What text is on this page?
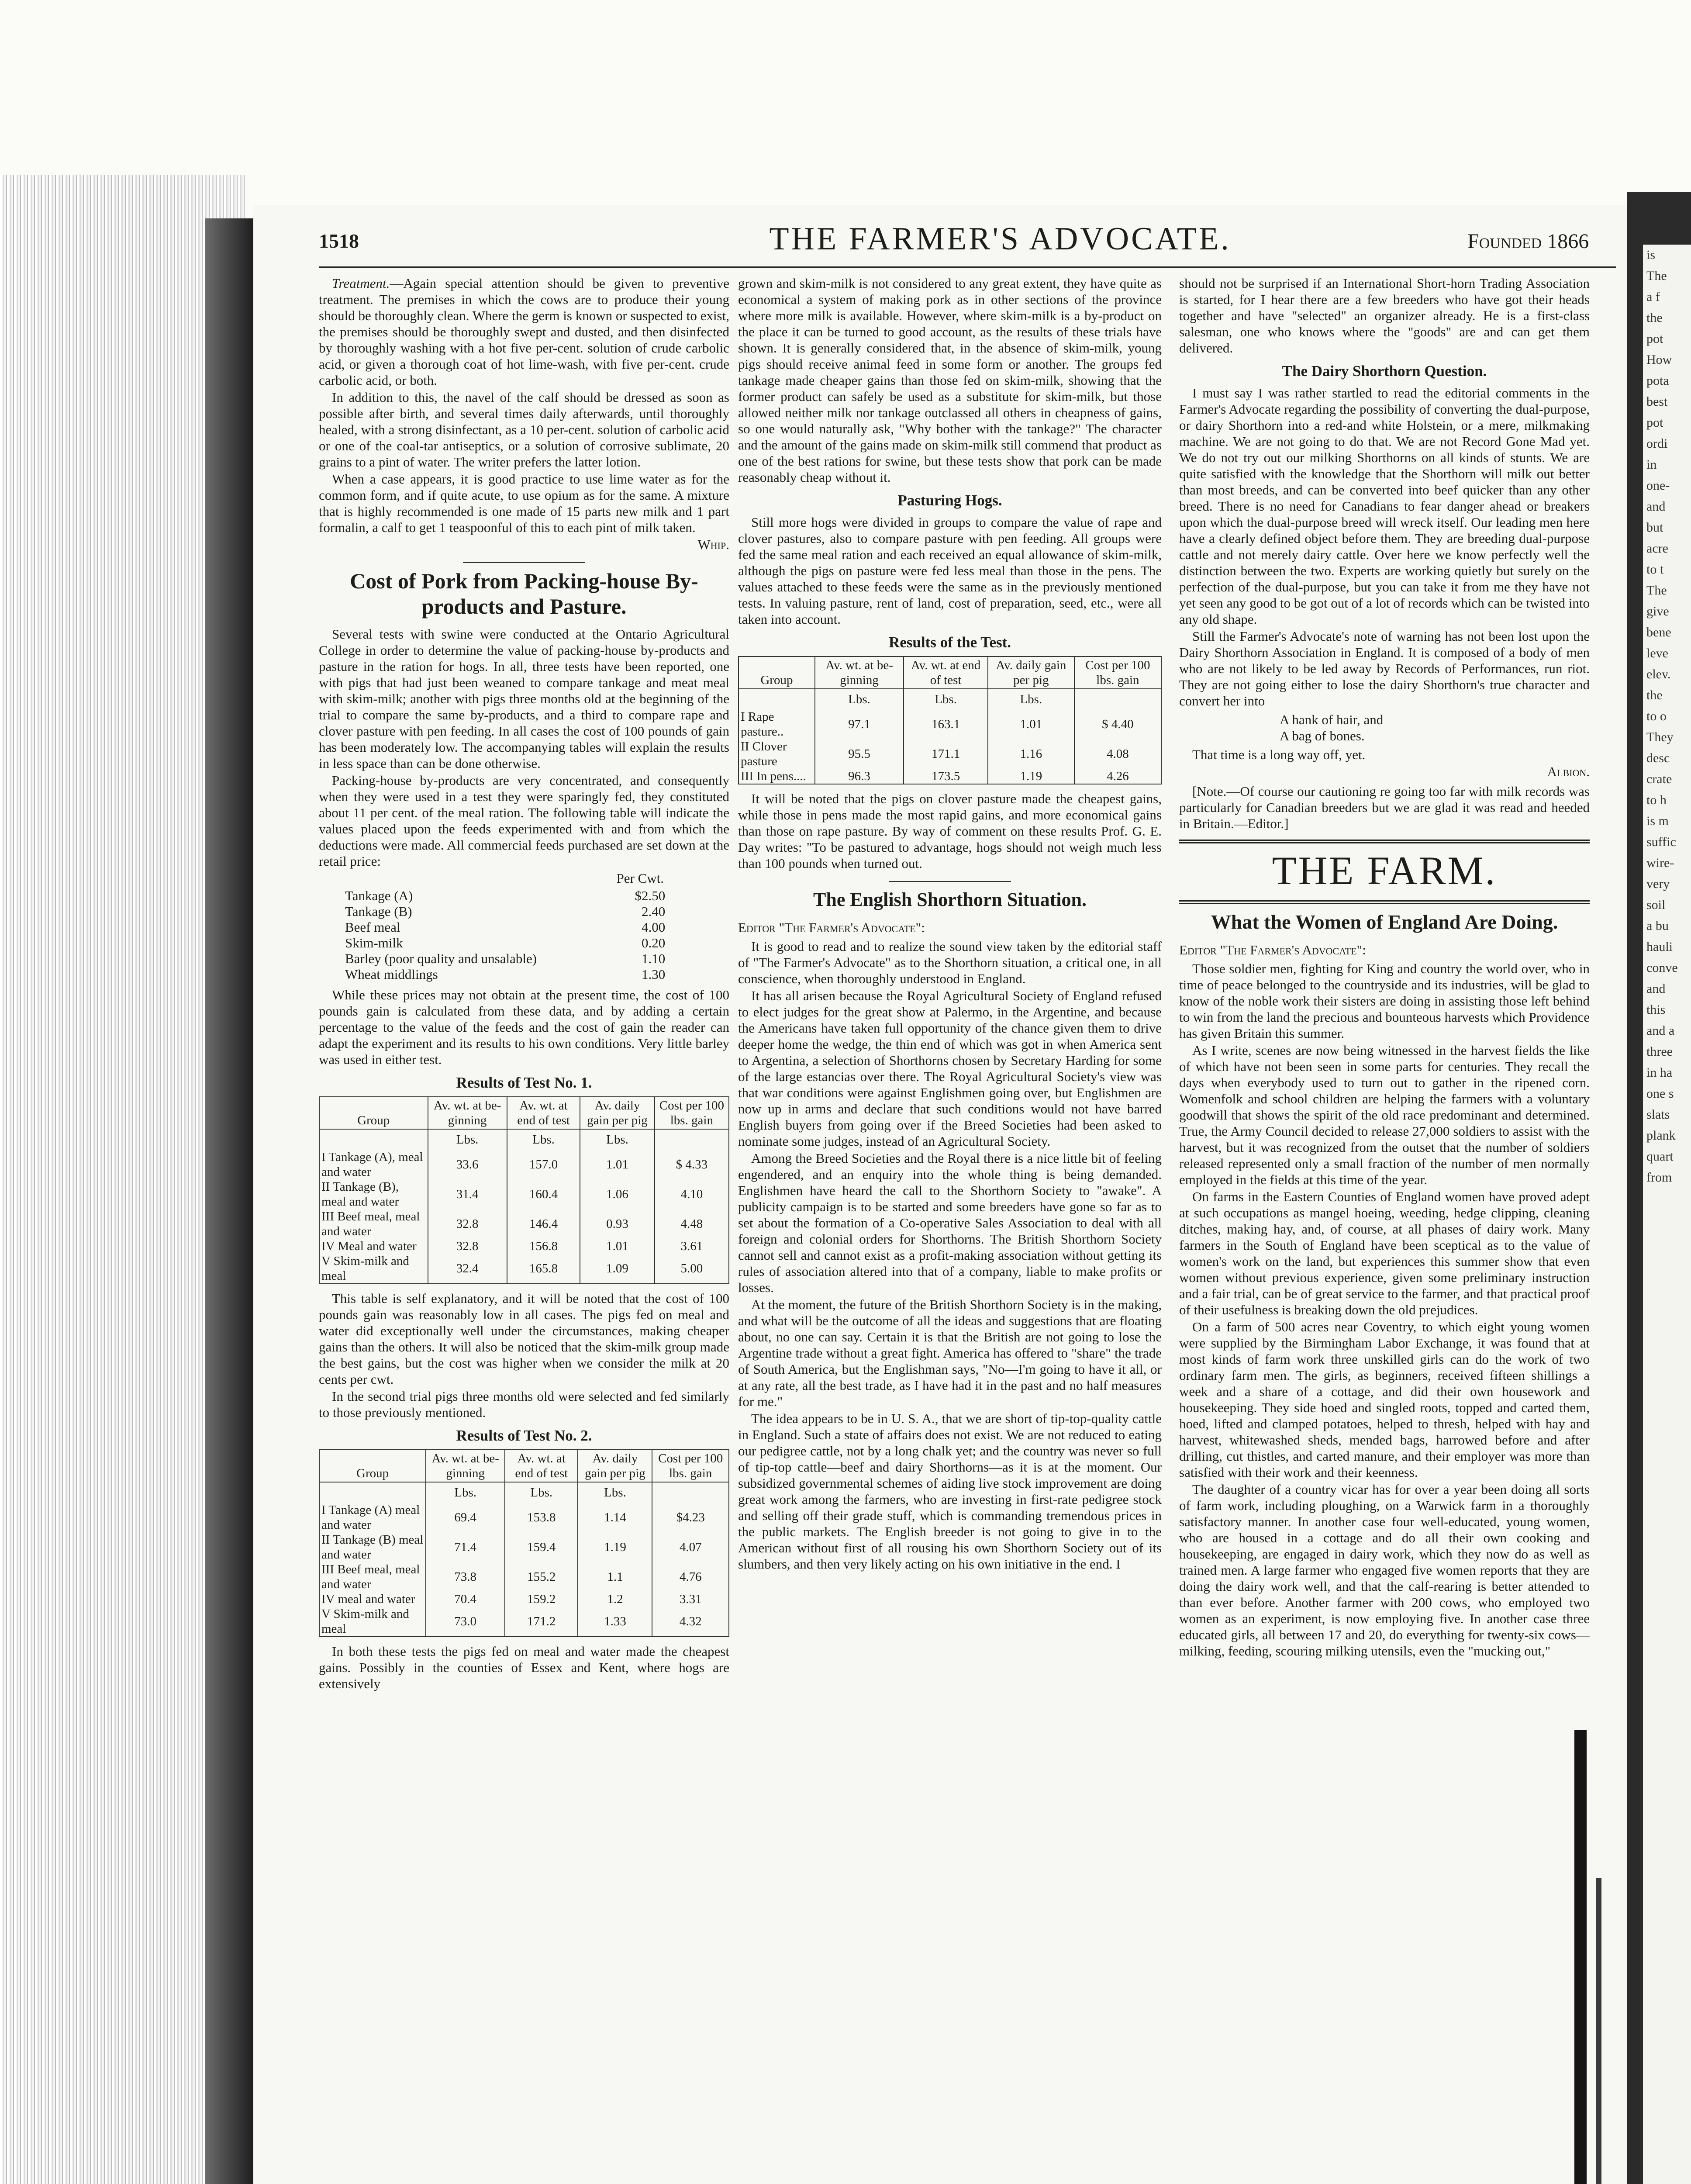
is
The
a f
the
pot
How
pota
best
pot
ordi
in
one-
and
but
acre
to t
The
give
bene
leve
elev.
the
to o
They
desc
crate
to h
is m
suffic
wire-
very
soil
a bu
hauli
conve
and
this
and a
three
in ha
one s
slats
plank
quart
from
1518	THE FARMER'S ADVOCATE.	Founded 1866

Treatment.—Again special attention should be given to preventive treatment. The premises in which the cows are to produce their young should be thoroughly clean. Where the germ is known or suspected to exist, the premises should be thoroughly swept and dusted, and then disinfected by thoroughly washing with a hot five per-cent. solution of crude carbolic acid, or given a thorough coat of hot lime-wash, with five per-cent. crude carbolic acid, or both.

In addition to this, the navel of the calf should be dressed as soon as possible after birth, and several times daily afterwards, until thoroughly healed, with a strong disinfectant, as a 10 per-cent. solution of carbolic acid or one of the coal-tar antiseptics, or a solution of corrosive sublimate, 20 grains to a pint of water. The writer prefers the latter lotion.

When a case appears, it is good practice to use lime water as for the common form, and if quite acute, to use opium as for the same. A mixture that is highly recommended is one made of 15 parts new milk and 1 part formalin, a calf to get 1 teaspoonful of this to each pint of milk taken.

Whip.

Cost of Pork from Packing-house By-products and Pasture.

Several tests with swine were conducted at the Ontario Agricultural College in order to determine the value of packing-house by-products and pasture in the ration for hogs. In all, three tests have been reported, one with pigs that had just been weaned to compare tankage and meat meal with skim-milk; another with pigs three months old at the beginning of the trial to compare the same by-products, and a third to compare rape and clover pasture with pen feeding. In all cases the cost of 100 pounds of gain has been moderately low. The accompanying tables will explain the results in less space than can be done otherwise.

Packing-house by-products are very concentrated, and consequently when they were used in a test they were sparingly fed, they constituted about 11 per cent. of the meal ration. The following table will indicate the values placed upon the feeds experimented with and from which the deductions were made. All commercial feeds purchased are set down at the retail price:

Per Cwt.
Tankage (A)	$2.50
Tankage (B)	2.40
Beef meal	4.00
Skim-milk	0.20
Barley (poor quality and unsalable)	1.10
Wheat middlings	1.30

While these prices may not obtain at the present time, the cost of 100 pounds gain is calculated from these data, and by adding a certain percentage to the value of the feeds and the cost of gain the reader can adapt the experiment and its results to his own conditions. Very little barley was used in either test.

Results of Test No. 1.
Group	Av. wt. at be-ginning	Av. wt. at end of test	Av. daily gain per pig	Cost per 100 lbs. gain
	Lbs.	Lbs.	Lbs.	
I Tankage (A), meal and water	33.6	157.0	1.01	$ 4.33
II Tankage (B), meal and water	31.4	160.4	1.06	4.10
III Beef meal, meal and water	32.8	146.4	0.93	4.48
IV Meal and water	32.8	156.8	1.01	3.61
V Skim-milk and meal	32.4	165.8	1.09	5.00

This table is self explanatory, and it will be noted that the cost of 100 pounds gain was reasonably low in all cases. The pigs fed on meal and water did exceptionally well under the circumstances, making cheaper gains than the others. It will also be noticed that the skim-milk group made the best gains, but the cost was higher when we consider the milk at 20 cents per cwt.

In the second trial pigs three months old were selected and fed similarly to those previously mentioned.

Results of Test No. 2.
Group	Av. wt. at be-ginning	Av. wt. at end of test	Av. daily gain per pig	Cost per 100 lbs. gain
	Lbs.	Lbs.	Lbs.	
I Tankage (A) meal and water	69.4	153.8	1.14	$4.23
II Tankage (B) meal and water	71.4	159.4	1.19	4.07
III Beef meal, meal and water	73.8	155.2	1.1	4.76
IV meal and water	70.4	159.2	1.2	3.31
V Skim-milk and meal	73.0	171.2	1.33	4.32

In both these tests the pigs fed on meal and water made the cheapest gains. Possibly in the counties of Essex and Kent, where hogs are extensively

grown and skim-milk is not considered to any great extent, they have quite as economical a system of making pork as in other sections of the province where more milk is available. However, where skim-milk is a by-product on the place it can be turned to good account, as the results of these trials have shown. It is generally considered that, in the absence of skim-milk, young pigs should receive animal feed in some form or another. The groups fed tankage made cheaper gains than those fed on skim-milk, showing that the former product can safely be used as a substitute for skim-milk, but those allowed neither milk nor tankage outclassed all others in cheapness of gains, so one would naturally ask, "Why bother with the tankage?" The character and the amount of the gains made on skim-milk still commend that product as one of the best rations for swine, but these tests show that pork can be made reasonably cheap without it.

Pasturing Hogs.

Still more hogs were divided in groups to compare the value of rape and clover pastures, also to compare pasture with pen feeding. All groups were fed the same meal ration and each received an equal allowance of skim-milk, although the pigs on pasture were fed less meal than those in the pens. The values attached to these feeds were the same as in the previously mentioned tests. In valuing pasture, rent of land, cost of preparation, seed, etc., were all taken into account.

Results of the Test.
Group	Av. wt. at be-ginning	Av. wt. at end of test	Av. daily gain per pig	Cost per 100 lbs. gain
	Lbs.	Lbs.	Lbs.	
I Rape pasture..	97.1	163.1	1.01	$ 4.40
II Clover pasture	95.5	171.1	1.16	4.08
III In pens....	96.3	173.5	1.19	4.26

It will be noted that the pigs on clover pasture made the cheapest gains, while those in pens made the most rapid gains, and more economical gains than those on rape pasture. By way of comment on these results Prof. G. E. Day writes: "To be pastured to advantage, hogs should not weigh much less than 100 pounds when turned out.

The English Shorthorn Situation.

Editor "The Farmer's Advocate":

It is good to read and to realize the sound view taken by the editorial staff of "The Farmer's Advocate" as to the Shorthorn situation, a critical one, in all conscience, when thoroughly understood in England.

It has all arisen because the Royal Agricultural Society of England refused to elect judges for the great show at Palermo, in the Argentine, and because the Americans have taken full opportunity of the chance given them to drive deeper home the wedge, the thin end of which was got in when America sent to Argentina, a selection of Shorthorns chosen by Secretary Harding for some of the large estancias over there. The Royal Agricultural Society's view was that war conditions were against Englishmen going over, but Englishmen are now up in arms and declare that such conditions would not have barred English buyers from going over if the Breed Societies had been asked to nominate some judges, instead of an Agricultural Society.

Among the Breed Societies and the Royal there is a nice little bit of feeling engendered, and an enquiry into the whole thing is being demanded. Englishmen have heard the call to the Shorthorn Society to "awake". A publicity campaign is to be started and some breeders have gone so far as to set about the formation of a Co-operative Sales Association to deal with all foreign and colonial orders for Shorthorns. The British Shorthorn Society cannot sell and cannot exist as a profit-making association without getting its rules of association altered into that of a company, liable to make profits or losses.

At the moment, the future of the British Shorthorn Society is in the making, and what will be the outcome of all the ideas and suggestions that are floating about, no one can say. Certain it is that the British are not going to lose the Argentine trade without a great fight. America has offered to "share" the trade of South America, but the Englishman says, "No—I'm going to have it all, or at any rate, all the best trade, as I have had it in the past and no half measures for me."

The idea appears to be in U. S. A., that we are short of tip-top-quality cattle in England. Such a state of affairs does not exist. We are not reduced to eating our pedigree cattle, not by a long chalk yet; and the country was never so full of tip-top cattle—beef and dairy Shorthorns—as it is at the moment. Our subsidized governmental schemes of aiding live stock improvement are doing great work among the farmers, who are investing in first-rate pedigree stock and selling off their grade stuff, which is commanding tremendous prices in the public markets. The English breeder is not going to give in to the American without first of all rousing his own Shorthorn Society out of its slumbers, and then very likely acting on his own initiative in the end. I

should not be surprised if an International Short-horn Trading Association is started, for I hear there are a few breeders who have got their heads together and have "selected" an organizer already. He is a first-class salesman, one who knows where the "goods" are and can get them delivered.

The Dairy Shorthorn Question.

I must say I was rather startled to read the editorial comments in the Farmer's Advocate regarding the possibility of converting the dual-purpose, or dairy Shorthorn into a red-and white Holstein, or a mere, milkmaking machine. We are not going to do that. We are not Record Gone Mad yet. We do not try out our milking Shorthorns on all kinds of stunts. We are quite satisfied with the knowledge that the Shorthorn will milk out better than most breeds, and can be converted into beef quicker than any other breed. There is no need for Canadians to fear danger ahead or breakers upon which the dual-purpose breed will wreck itself. Our leading men here have a clearly defined object before them. They are breeding dual-purpose cattle and not merely dairy cattle. Over here we know perfectly well the distinction between the two. Experts are working quietly but surely on the perfection of the dual-purpose, but you can take it from me they have not yet seen any good to be got out of a lot of records which can be twisted into any old shape.

Still the Farmer's Advocate's note of warning has not been lost upon the Dairy Shorthorn Association in England. It is composed of a body of men who are not likely to be led away by Records of Performances, run riot. They are not going either to lose the dairy Shorthorn's true character and convert her into

A hank of hair, and
A bag of bones.

That time is a long way off, yet.

Albion.

[Note.—Of course our cautioning re going too far with milk records was particularly for Canadian breeders but we are glad it was read and heeded in Britain.—Editor.]

THE FARM.
What the Women of England Are Doing.

Editor "The Farmer's Advocate":

Those soldier men, fighting for King and country the world over, who in time of peace belonged to the countryside and its industries, will be glad to know of the noble work their sisters are doing in assisting those left behind to win from the land the precious and bounteous harvests which Providence has given Britain this summer.

As I write, scenes are now being witnessed in the harvest fields the like of which have not been seen in some parts for centuries. They recall the days when everybody used to turn out to gather in the ripened corn. Womenfolk and school children are helping the farmers with a voluntary goodwill that shows the spirit of the old race predominant and determined. True, the Army Council decided to release 27,000 soldiers to assist with the harvest, but it was recognized from the outset that the number of soldiers released represented only a small fraction of the number of men normally employed in the fields at this time of the year.

On farms in the Eastern Counties of England women have proved adept at such occupations as mangel hoeing, weeding, hedge clipping, cleaning ditches, making hay, and, of course, at all phases of dairy work. Many farmers in the South of England have been sceptical as to the value of women's work on the land, but experiences this summer show that even women without previous experience, given some preliminary instruction and a fair trial, can be of great service to the farmer, and that practical proof of their usefulness is breaking down the old prejudices.

On a farm of 500 acres near Coventry, to which eight young women were supplied by the Birmingham Labor Exchange, it was found that at most kinds of farm work three unskilled girls can do the work of two ordinary farm men. The girls, as beginners, received fifteen shillings a week and a share of a cottage, and did their own housework and housekeeping. They side hoed and singled roots, topped and carted them, hoed, lifted and clamped potatoes, helped to thresh, helped with hay and harvest, whitewashed sheds, mended bags, harrowed before and after drilling, cut thistles, and carted manure, and their employer was more than satisfied with their work and their keenness.

The daughter of a country vicar has for over a year been doing all sorts of farm work, including ploughing, on a Warwick farm in a thoroughly satisfactory manner. In another case four well-educated, young women, who are housed in a cottage and do all their own cooking and housekeeping, are engaged in dairy work, which they now do as well as trained men. A large farmer who engaged five women reports that they are doing the dairy work well, and that the calf-rearing is better attended to than ever before. Another farmer with 200 cows, who employed two women as an experiment, is now employing five. In another case three educated girls, all between 17 and 20, do everything for twenty-six cows—milking, feeding, scouring milking utensils, even the "mucking out,"
